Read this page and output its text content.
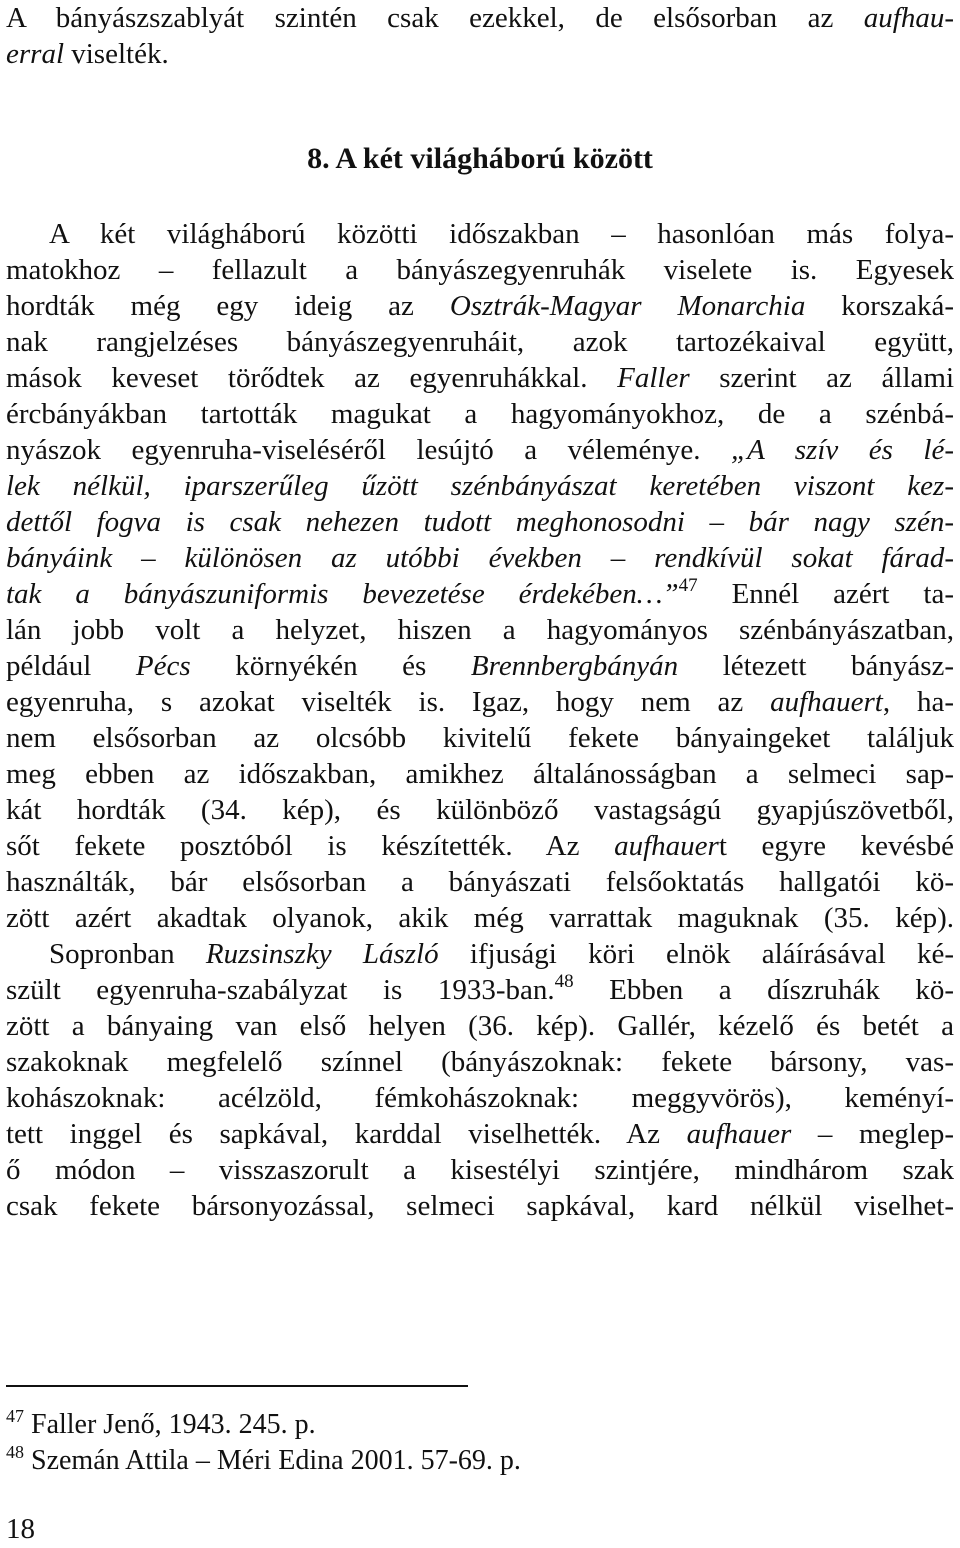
A bányászszablyát szintén csak ezekkel, de elsősorban az aufhau-
erral viselték.
8. A két világháború között
A két világháború közötti időszakban – hasonlóan más folya-
matokhoz – fellazult a bányászegyenruhák viselete is. Egyesek
hordták még egy ideig az Osztrák-Magyar Monarchia korszaká-
nak rangjelzéses bányászegyenruháit, azok tartozékaival együtt,
mások keveset törődtek az egyenruhákkal. Faller szerint az állami
ércbányákban tartották magukat a hagyományokhoz, de a szénbá-
nyászok egyenruha-viseléséről lesújtó a véleménye. „A szív és lé-
lek nélkül, iparszerűleg űzött szénbányászat keretében viszont kez-
dettől fogva is csak nehezen tudott meghonosodni – bár nagy szén-
bányáink – különösen az utóbbi években – rendkívül sokat fárad-
tak a bányászuniformis bevezetése érdekében…”$^{47}$ Ennél azért ta-
lán jobb volt a helyzet, hiszen a hagyományos szénbányászatban,
például Pécs környékén és Brennbergbányán létezett bányász-
egyenruha, s azokat viselték is. Igaz, hogy nem az aufhauert, ha-
nem elsősorban az olcsóbb kivitelű fekete bányaingeket találjuk
meg ebben az időszakban, amikhez általánosságban a selmeci sap-
kát hordták (34. kép), és különböző vastagságú gyapjúszövetből,
sőt fekete posztóból is készítették. Az aufhauert egyre kevésbé
használták, bár elsősorban a bányászati felsőoktatás hallgatói kö-
zött azért akadtak olyanok, akik még varrattak maguknak (35. kép).
Sopronban Ruzsinszky László ifjusági köri elnök aláírásával ké-
szült egyenruha-szabályzat is 1933-ban.$^{48}$ Ebben a díszruhák kö-
zött a bányaing van első helyen (36. kép). Gallér, kézelő és betét a
szakoknak megfelelő színnel (bányászoknak: fekete bársony, vas-
kohászoknak: acélzöld, fémkohászoknak: meggyvörös), keményí-
tett inggel és sapkával, karddal viselhették. Az aufhauer – meglep-
ő módon – visszaszorult a kisestélyi szintjére, mindhárom szak
csak fekete bársonyozással, selmeci sapkával, kard nélkül viselhet-
$^{47}$ Faller Jenő, 1943. 245. p.
$^{48}$ Szemán Attila – Méri Edina 2001. 57-69. p.
18
